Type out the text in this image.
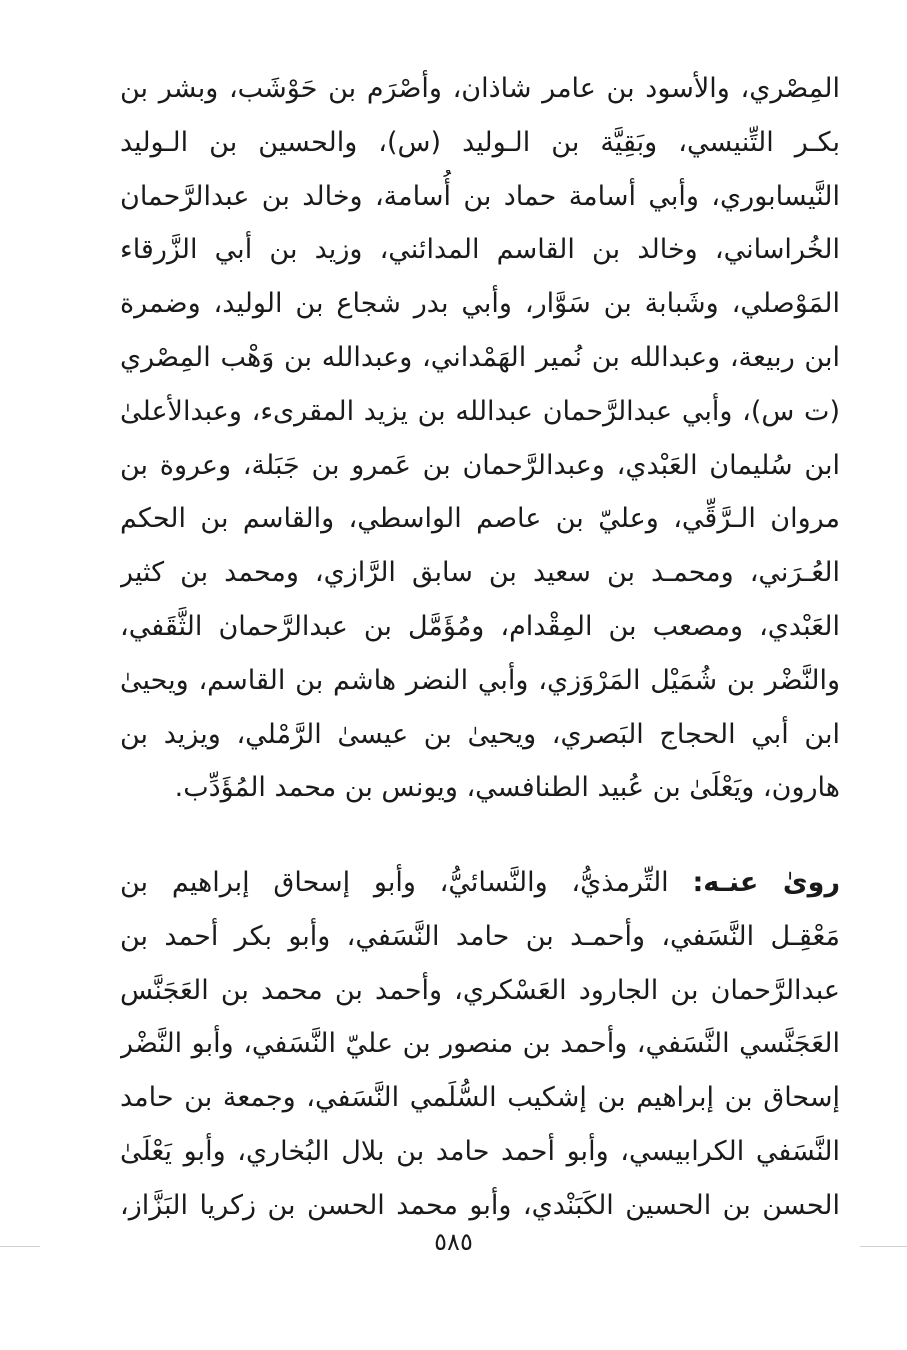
المِصْري، والأسود بن عامر شاذان، وأصْرَم بن حَوْشَب، وبشر بن
بكـر التِّنيسي، وبَقِيَّة بن الـوليد (س)، والحسين بن الـوليد
النَّيسابوري، وأبي أسامة حماد بن أُسامة، وخالد بن عبدالرَّحمان
الخُراساني، وخالد بن القاسم المدائني، وزيد بن أبي الزَّرقاء
المَوْصلي، وشَبابة بن سَوَّار، وأبي بدر شجاع بن الوليد، وضمرة
ابن ربيعة، وعبدالله بن نُمير الهَمْداني، وعبدالله بن وَهْب المِصْري
(ت س)، وأبي عبدالرَّحمان عبدالله بن يزيد المقرىء، وعبدالأعلىٰ
ابن سُليمان العَبْدي، وعبدالرَّحمان بن عَمرو بن جَبَلة، وعروة بن
مروان الـرَّقِّي، وعليّ بن عاصم الواسطي، والقاسم بن الحكم
العُـرَني، ومحمـد بن سعيد بن سابق الرَّازي، ومحمد بن كثير
العَبْدي، ومصعب بن المِقْدام، ومُؤَمَّل بن عبدالرَّحمان الثَّقَفي،
والنَّضْر بن شُمَيْل المَرْوَزي، وأبي النضر هاشم بن القاسم، ويحيىٰ
ابن أبي الحجاج البَصري، ويحيىٰ بن عيسىٰ الرَّمْلي، ويزيد بن
هارون، ويَعْلَىٰ بن عُبيد الطنافسي، ويونس بن محمد المُؤَدِّب.
روىٰ عنـه: التِّرمذيُّ، والنَّسائيُّ، وأبو إسحاق إبراهيم بن
مَعْقِـل النَّسَفي، وأحمـد بن حامد النَّسَفي، وأبو بكر أحمد بن
عبدالرَّحمان بن الجارود العَسْكري، وأحمد بن محمد بن العَجَنَّس
العَجَنَّسي النَّسَفي، وأحمد بن منصور بن عليّ النَّسَفي، وأبو النَّضْر
إسحاق بن إبراهيم بن إشكيب السُّلَمي النَّسَفي، وجمعة بن حامد
النَّسَفي الكرابيسي، وأبو أحمد حامد بن بلال البُخاري، وأبو يَعْلَىٰ
الحسن بن الحسين الكَبَنْدي، وأبو محمد الحسن بن زكريا البَزَّاز،
٥٨٥
